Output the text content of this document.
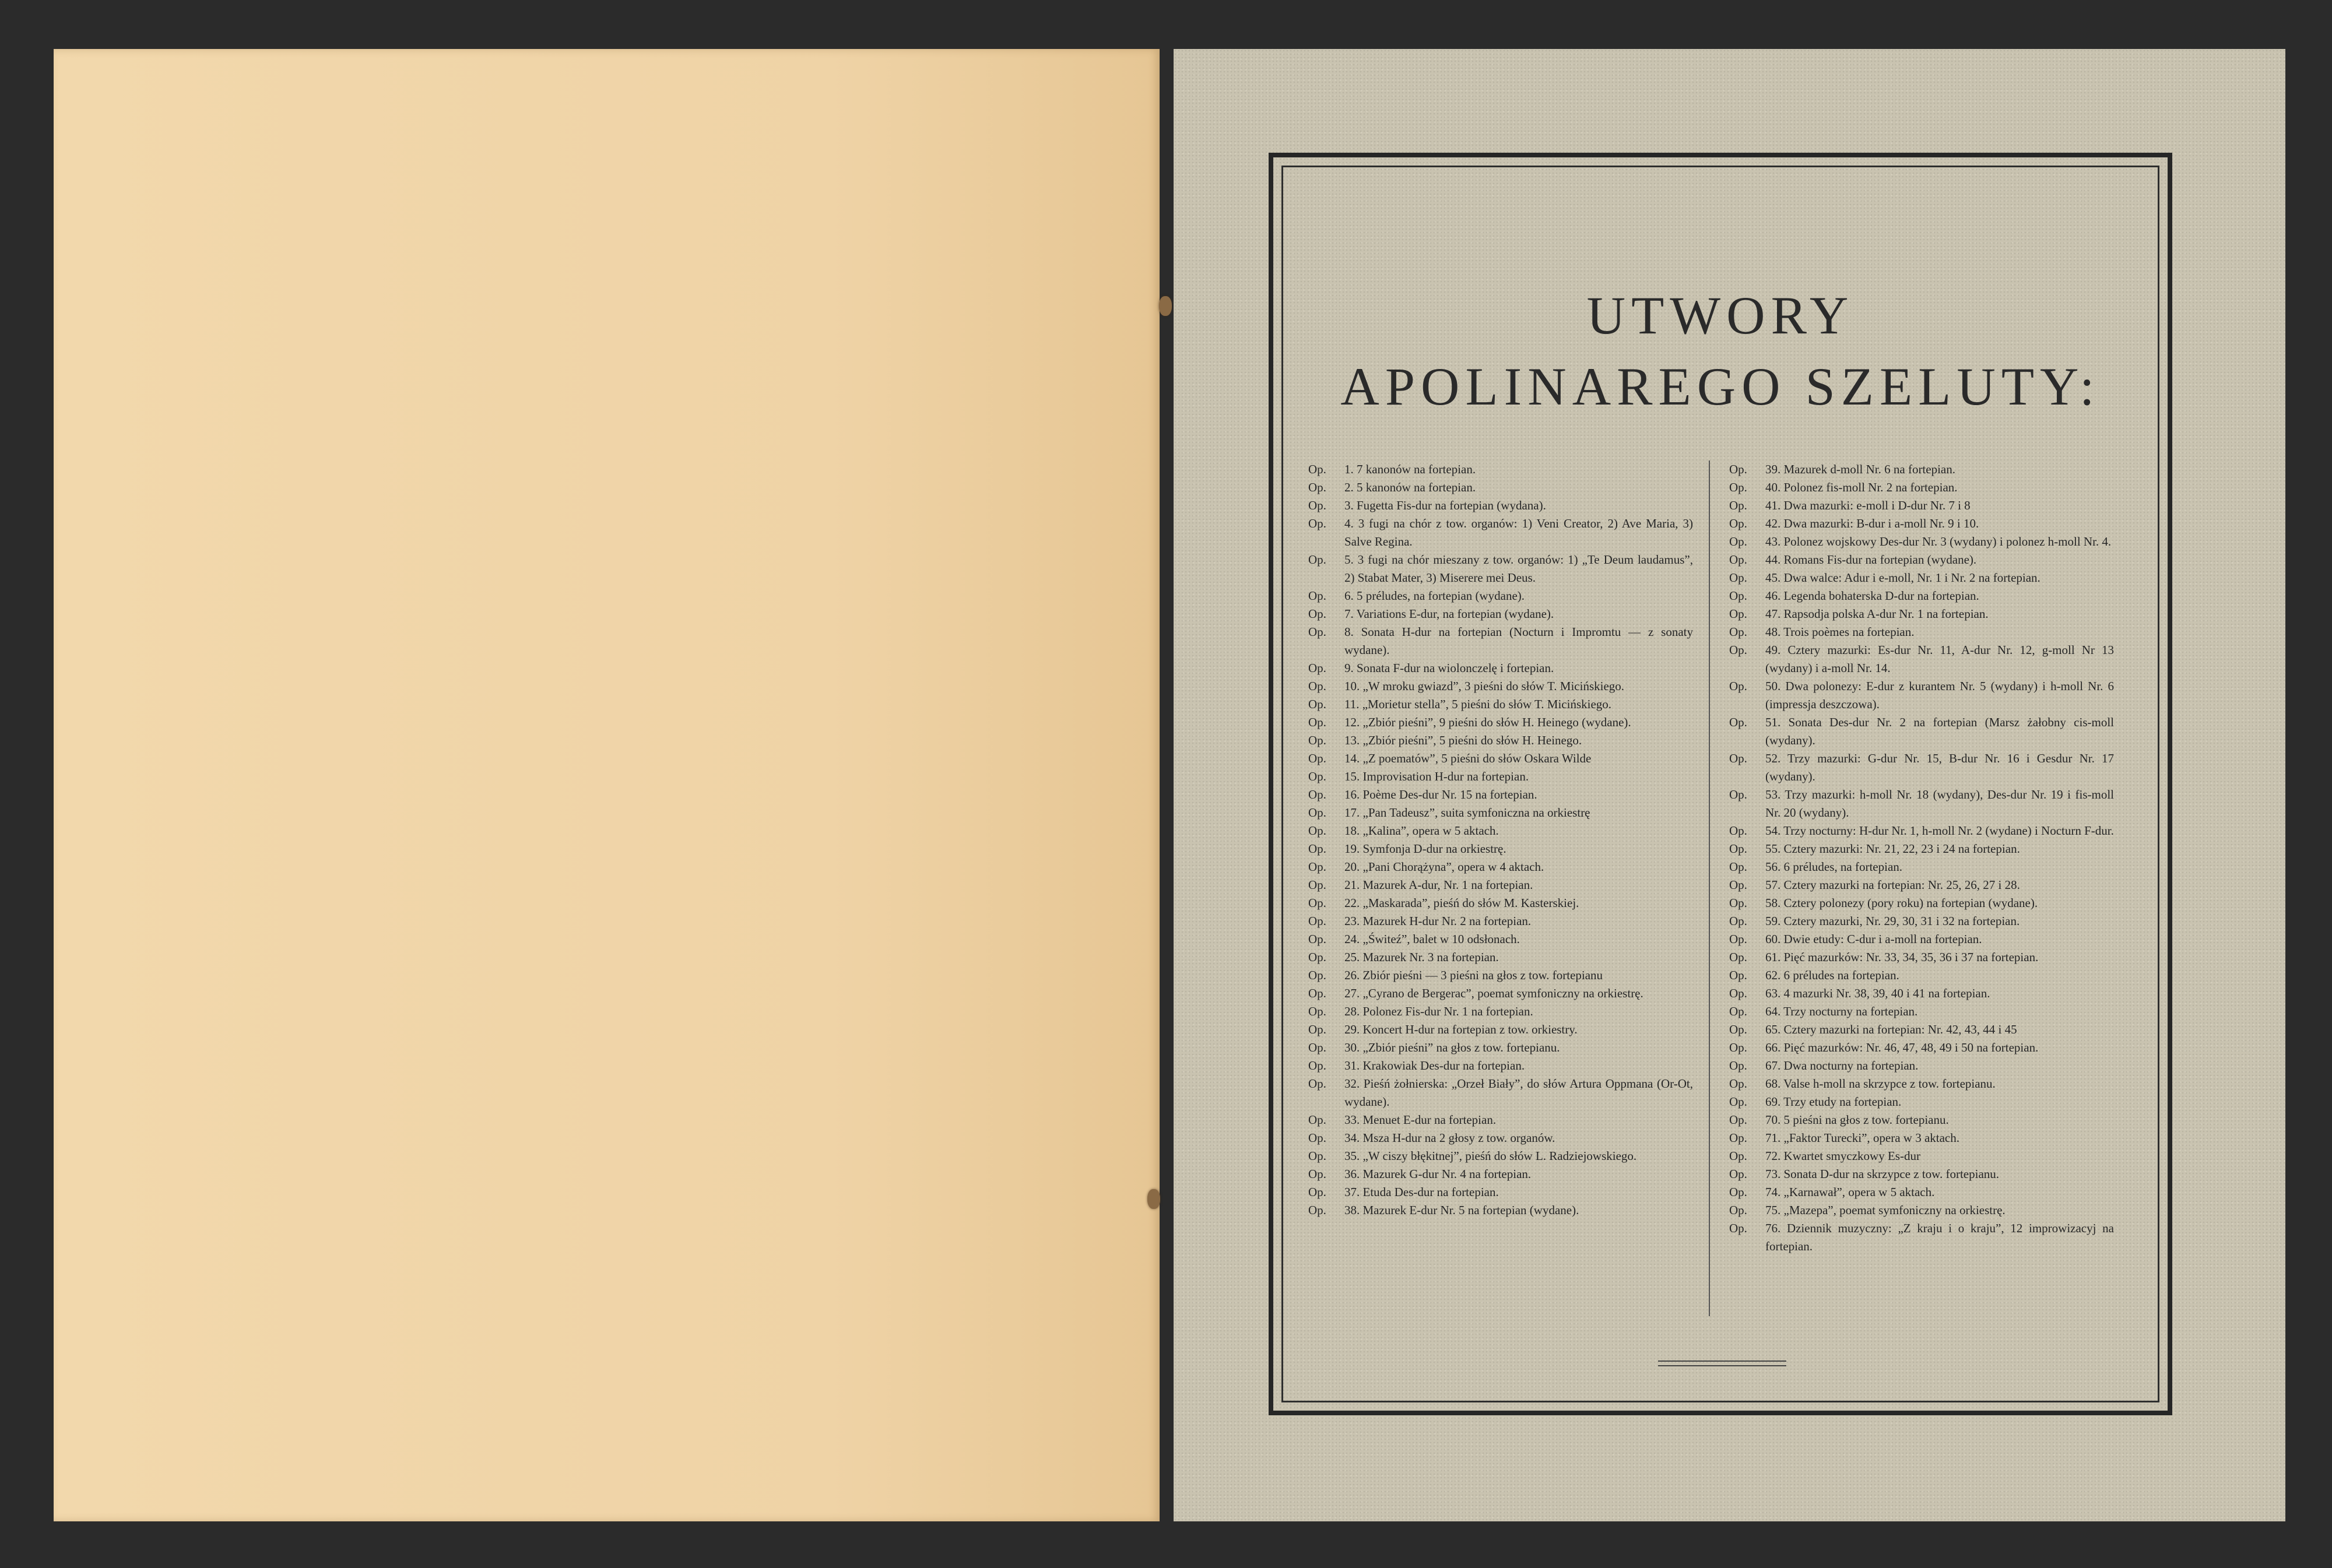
UTWORY
APOLINAREGO SZELUTY:
Op.	1. 7 kanonów na fortepian.
Op.	2. 5 kanonów na fortepian.
Op.	3. Fugetta Fis-dur na fortepian (wydana).
Op.	4. 3 fugi na chór z tow. organów: 1) Veni Creator, 2) Ave Maria, 3) Salve Regina.
Op.	5. 3 fugi na chór mieszany z tow. organów: 1) „Te Deum laudamus”, 2) Stabat Mater, 3) Miserere mei Deus.
Op.	6. 5 préludes, na fortepian (wydane).
Op.	7. Variations E-dur, na fortepian (wydane).
Op.	8. Sonata H-dur na fortepian (Nocturn i Impromtu — z sonaty wydane).
Op.	9. Sonata F-dur na wiolonczelę i fortepian.
Op.	10. „W mroku gwiazd”, 3 pieśni do słów T. Micińskiego.
Op.	11. „Morietur stella”, 5 pieśni do słów T. Micińskiego.
Op.	12. „Zbiór pieśni”, 9 pieśni do słów H. Heinego (wydane).
Op.	13. „Zbiór pieśni”, 5 pieśni do słów H. Heinego.
Op.	14. „Z poematów”, 5 pieśni do słów Oskara Wilde
Op.	15. Improvisation H-dur na fortepian.
Op.	16. Poème Des-dur Nr. 15 na fortepian.
Op.	17. „Pan Tadeusz”, suita symfoniczna na orkiestrę
Op.	18. „Kalina”, opera w 5 aktach.
Op.	19. Symfonja D-dur na orkiestrę.
Op.	20. „Pani Chorążyna”, opera w 4 aktach.
Op.	21. Mazurek A-dur, Nr. 1 na fortepian.
Op.	22. „Maskarada”, pieśń do słów M. Kasterskiej.
Op.	23. Mazurek H-dur Nr. 2 na fortepian.
Op.	24. „Świteź”, balet w 10 odsłonach.
Op.	25. Mazurek Nr. 3 na fortepian.
Op.	26. Zbiór pieśni — 3 pieśni na głos z tow. fortepianu
Op.	27. „Cyrano de Bergerac”, poemat symfoniczny na orkiestrę.
Op.	28. Polonez Fis-dur Nr. 1 na fortepian.
Op.	29. Koncert H-dur na fortepian z tow. orkiestry.
Op.	30. „Zbiór pieśni” na głos z tow. fortepianu.
Op.	31. Krakowiak Des-dur na fortepian.
Op.	32. Pieśń żołnierska: „Orzeł Biały”, do słów Artura Oppmana (Or-Ot, wydane).
Op.	33. Menuet E-dur na fortepian.
Op.	34. Msza H-dur na 2 głosy z tow. organów.
Op.	35. „W ciszy błękitnej”, pieśń do słów L. Radziejowskiego.
Op.	36. Mazurek G-dur Nr. 4 na fortepian.
Op.	37. Etuda Des-dur na fortepian.
Op.	38. Mazurek E-dur Nr. 5 na fortepian (wydane).
Op.	39. Mazurek d-moll Nr. 6 na fortepian.
Op.	40. Polonez fis-moll Nr. 2 na fortepian.
Op.	41. Dwa mazurki: e-moll i D-dur Nr. 7 i 8
Op.	42. Dwa mazurki: B-dur i a-moll Nr. 9 i 10.
Op.	43. Polonez wojskowy Des-dur Nr. 3 (wydany) i polonez h-moll Nr. 4.
Op.	44. Romans Fis-dur na fortepian (wydane).
Op.	45. Dwa walce: Adur i e-moll, Nr. 1 i Nr. 2 na fortepian.
Op.	46. Legenda bohaterska D-dur na fortepian.
Op.	47. Rapsodja polska A-dur Nr. 1 na fortepian.
Op.	48. Trois poèmes na fortepian.
Op.	49. Cztery mazurki: Es-dur Nr. 11, A-dur Nr. 12, g-moll Nr 13 (wydany) i a-moll Nr. 14.
Op.	50. Dwa polonezy: E-dur z kurantem Nr. 5 (wydany) i h-moll Nr. 6 (impressja deszczowa).
Op.	51. Sonata Des-dur Nr. 2 na fortepian (Marsz żałobny cis-moll (wydany).
Op.	52. Trzy mazurki: G-dur Nr. 15, B-dur Nr. 16 i Gesdur Nr. 17 (wydany).
Op.	53. Trzy mazurki: h-moll Nr. 18 (wydany), Des-dur Nr. 19 i fis-moll Nr. 20 (wydany).
Op.	54. Trzy nocturny: H-dur Nr. 1, h-moll Nr. 2 (wydane) i Nocturn F-dur.
Op.	55. Cztery mazurki: Nr. 21, 22, 23 i 24 na fortepian.
Op.	56. 6 préludes, na fortepian.
Op.	57. Cztery mazurki na fortepian: Nr. 25, 26, 27 i 28.
Op.	58. Cztery polonezy (pory roku) na fortepian (wydane).
Op.	59. Cztery mazurki, Nr. 29, 30, 31 i 32 na fortepian.
Op.	60. Dwie etudy: C-dur i a-moll na fortepian.
Op.	61. Pięć mazurków: Nr. 33, 34, 35, 36 i 37 na fortepian.
Op.	62. 6 préludes na fortepian.
Op.	63. 4 mazurki Nr. 38, 39, 40 i 41 na fortepian.
Op.	64. Trzy nocturny na fortepian.
Op.	65. Cztery mazurki na fortepian: Nr. 42, 43, 44 i 45
Op.	66. Pięć mazurków: Nr. 46, 47, 48, 49 i 50 na fortepian.
Op.	67. Dwa nocturny na fortepian.
Op.	68. Valse h-moll na skrzypce z tow. fortepianu.
Op.	69. Trzy etudy na fortepian.
Op.	70. 5 pieśni na głos z tow. fortepianu.
Op.	71. „Faktor Turecki”, opera w 3 aktach.
Op.	72. Kwartet smyczkowy Es-dur
Op.	73. Sonata D-dur na skrzypce z tow. fortepianu.
Op.	74. „Karnawał”, opera w 5 aktach.
Op.	75. „Mazepa”, poemat symfoniczny na orkiestrę.
Op.	76. Dziennik muzyczny: „Z kraju i o kraju”, 12 improwizacyj na fortepian.
